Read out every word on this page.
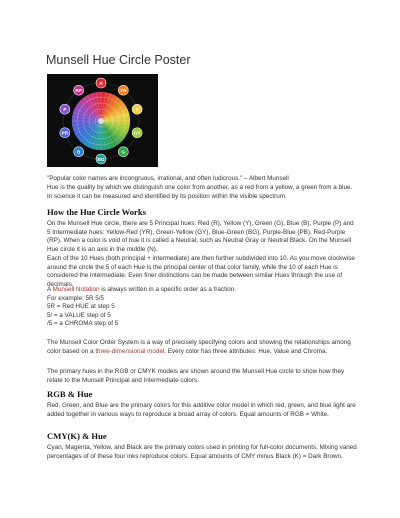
Munsell Hue Circle Poster
R
YR
Y
GY
G
BG
B
PB
P
RP
"Popular color names are incongruous, irrational, and often ludicrous." – Albert Munsell
Hue is the quality by which we distinguish one color from another, as a red from a yellow, a green from a blue. In science it can be measured and identified by its position within the visible spectrum.
How the Hue Circle Works
On the Munsell Hue circle, there are 5 Principal hues: Red (R), Yellow (Y), Green (G), Blue (B), Purple (P) and 5 Intermediate hues: Yellow-Red (YR), Green-Yellow (GY), Blue-Green (BG), Purple-Blue (PB), Red-Purple (RP). When a color is void of hue it is called a Neutral, such as Neutral Gray or Neutral Black. On the Munsell Hue circle it is an axis in the middle (N).
Each of the 10 Hues (both principal + intermediate) are then further subdivided into 10. As you move clockwise around the circle the 5 of each Hue is the principal center of that color family, while the 10 of each Hue is considered the intermediate. Even finer distinctions can be made between similar Hues through the use of decimals.
A Munsell Notation is always written in a specific order as a fraction.
For example: 5R 5/5
5R = Red HUE at step 5
5/ = a VALUE step of 5
/5 = a CHROMA step of 5
The Munsell Color Order System is a way of precisely specifying colors and showing the relationships among color based on a three-dimensional model. Every color has three attributes: Hue, Value and Chroma.
The primary hues in the RGB or CMYK models are shown around the Munsell Hue circle to show how they relate to the Munsell Principal and Intermediate colors.
RGB & Hue
Red, Green, and Blue are the primary colors for this additive color model in which red, green, and blue light are added together in various ways to reproduce a broad array of colors. Equal amounts of RGB = White.
CMY(K) & Hue
Cyan, Magenta, Yellow, and Black are the primary colors used in printing for full-color documents. Mixing varied percentages of of these four inks reproduce colors. Equal amounts of CMY minus Black (K) = Dark Brown.
